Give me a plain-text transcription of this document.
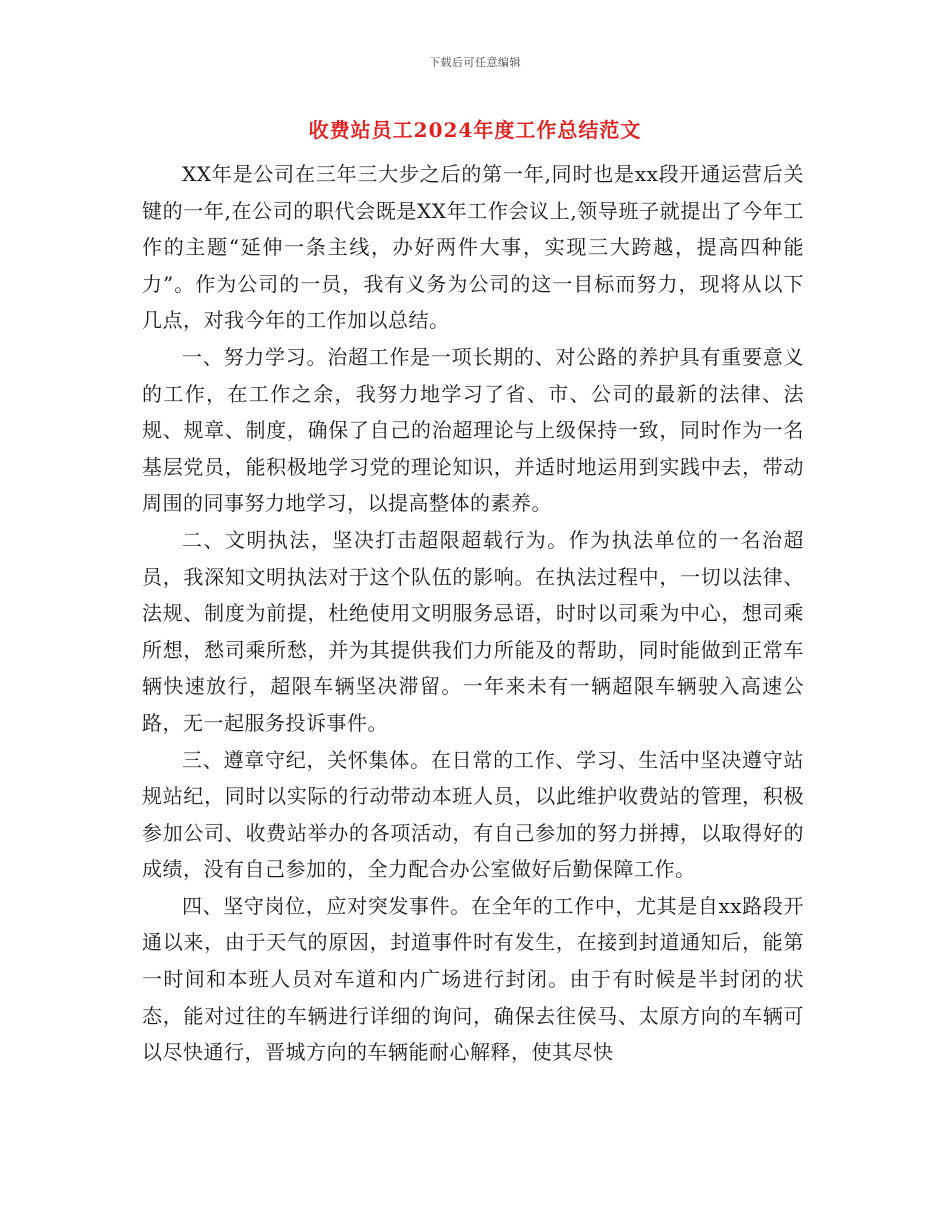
下载后可任意编辑
收费站员工2024年度工作总结范文

XX年是公司在三年三大步之后的第一年,同时也是xx段开通运营后关键的一年,在公司的职代会既是XX年工作会议上,领导班子就提出了今年工作的主题“延伸一条主线，办好两件大事，实现三大跨越，提高四种能力”。作为公司的一员，我有义务为公司的这一目标而努力，现将从以下几点，对我今年的工作加以总结。

一、努力学习。治超工作是一项长期的、对公路的养护具有重要意义的工作，在工作之余，我努力地学习了省、市、公司的最新的法律、法规、规章、制度，确保了自己的治超理论与上级保持一致，同时作为一名基层党员，能积极地学习党的理论知识，并适时地运用到实践中去，带动周围的同事努力地学习，以提高整体的素养。

二、文明执法，坚决打击超限超载行为。作为执法单位的一名治超员，我深知文明执法对于这个队伍的影响。在执法过程中，一切以法律、法规、制度为前提，杜绝使用文明服务忌语，时时以司乘为中心，想司乘所想，愁司乘所愁，并为其提供我们力所能及的帮助，同时能做到正常车辆快速放行，超限车辆坚决滞留。一年来未有一辆超限车辆驶入高速公路，无一起服务投诉事件。

三、遵章守纪，关怀集体。在日常的工作、学习、生活中坚决遵守站规站纪，同时以实际的行动带动本班人员，以此维护收费站的管理，积极参加公司、收费站举办的各项活动，有自己参加的努力拼搏，以取得好的成绩，没有自己参加的，全力配合办公室做好后勤保障工作。

四、坚守岗位，应对突发事件。在全年的工作中，尤其是自xx路段开通以来，由于天气的原因，封道事件时有发生，在接到封道通知后，能第一时间和本班人员对车道和内广场进行封闭。由于有时候是半封闭的状态，能对过往的车辆进行详细的询问，确保去往侯马、太原方向的车辆可以尽快通行，晋城方向的车辆能耐心解释，使其尽快
